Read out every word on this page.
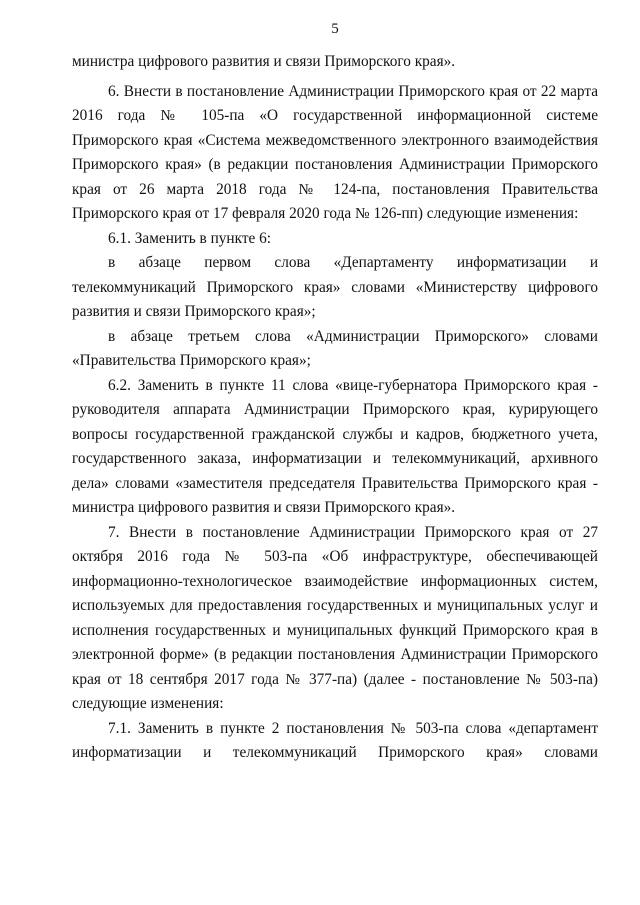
5

министра цифрового развития и связи Приморского края».

6. Внести в постановление Администрации Приморского края от 22 марта 2016 года № 105-па «О государственной информационной системе Приморского края «Система межведомственного электронного взаимодействия Приморского края» (в редакции постановления Администрации Приморского края от 26 марта 2018 года № 124-па, постановления Правительства Приморского края от 17 февраля 2020 года № 126-пп) следующие изменения:

6.1. Заменить в пункте 6:

в абзаце первом слова «Департаменту информатизации и телекоммуникаций Приморского края» словами «Министерству цифрового развития и связи Приморского края»;

в абзаце третьем слова «Администрации Приморского» словами «Правительства Приморского края»;

6.2. Заменить в пункте 11 слова «вице-губернатора Приморского края - руководителя аппарата Администрации Приморского края, курирующего вопросы государственной гражданской службы и кадров, бюджетного учета, государственного заказа, информатизации и телекоммуникаций, архивного дела» словами «заместителя председателя Правительства Приморского края - министра цифрового развития и связи Приморского края».

7. Внести в постановление Администрации Приморского края от 27 октября 2016 года № 503-па «Об инфраструктуре, обеспечивающей информационно-технологическое взаимодействие информационных систем, используемых для предоставления государственных и муниципальных услуг и исполнения государственных и муниципальных функций Приморского края в электронной форме» (в редакции постановления Администрации Приморского края от 18 сентября 2017 года № 377-па) (далее - постановление № 503-па) следующие изменения:

7.1. Заменить в пункте 2 постановления № 503-па слова «департамент информатизации и телекоммуникаций Приморского края» словами
